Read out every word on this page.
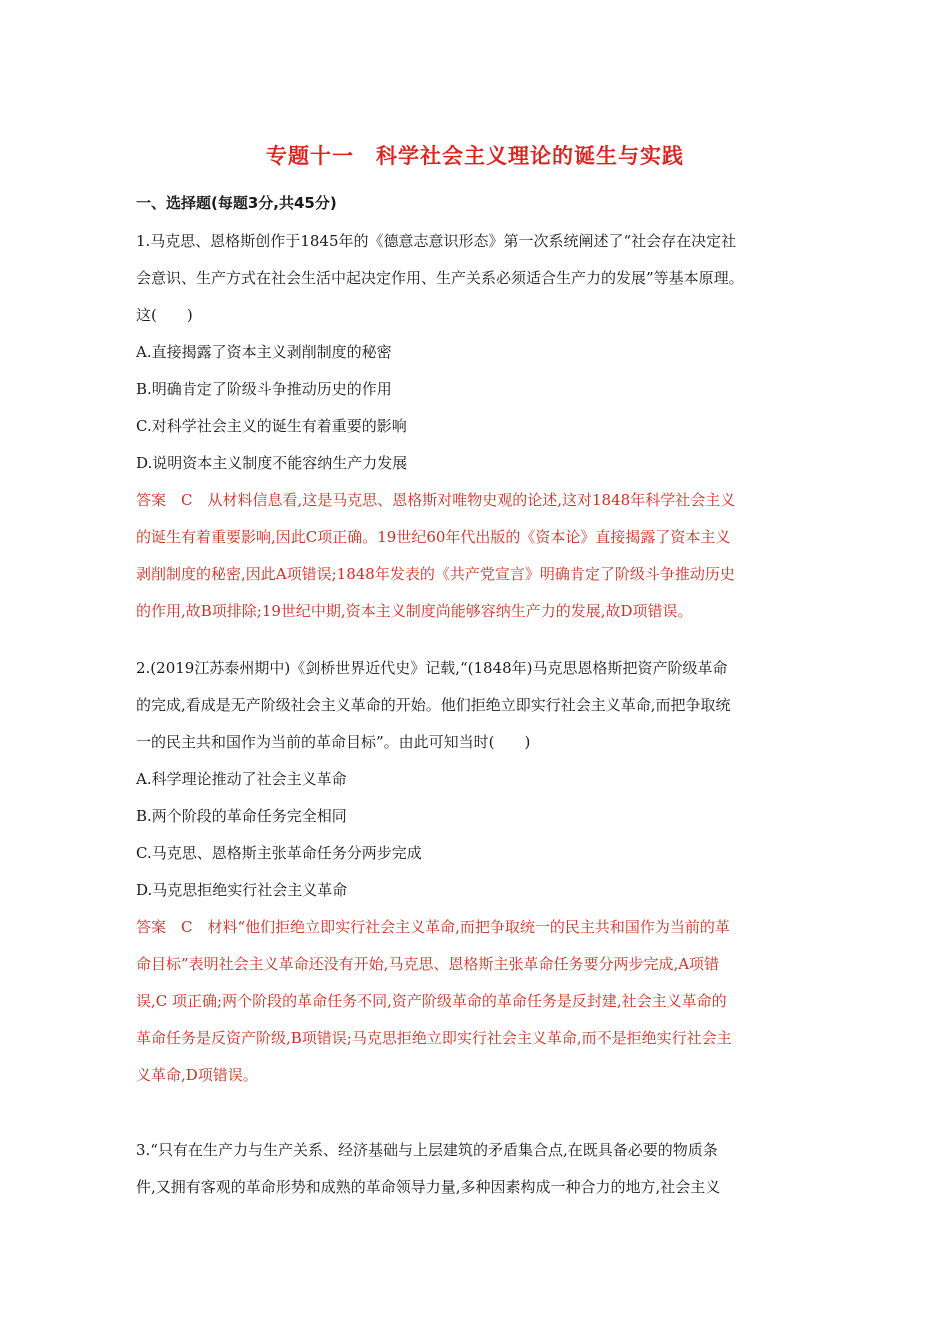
专题十一　科学社会主义理论的诞生与实践
一、选择题(每题3分,共45分)
1.马克思、恩格斯创作于1845年的《德意志意识形态》第一次系统阐述了“社会存在决定社
会意识、生产方式在社会生活中起决定作用、生产关系必须适合生产力的发展”等基本原理。
这(　　)
A.直接揭露了资本主义剥削制度的秘密
B.明确肯定了阶级斗争推动历史的作用
C.对科学社会主义的诞生有着重要的影响
D.说明资本主义制度不能容纳生产力发展
答案　C　从材料信息看,这是马克思、恩格斯对唯物史观的论述,这对1848年科学社会主义
的诞生有着重要影响,因此C项正确。19世纪60年代出版的《资本论》直接揭露了资本主义
剥削制度的秘密,因此A项错误;1848年发表的《共产党宣言》明确肯定了阶级斗争推动历史
的作用,故B项排除;19世纪中期,资本主义制度尚能够容纳生产力的发展,故D项错误。
2.(2019江苏泰州期中)《剑桥世界近代史》记载,“(1848年)马克思恩格斯把资产阶级革命
的完成,看成是无产阶级社会主义革命的开始。他们拒绝立即实行社会主义革命,而把争取统
一的民主共和国作为当前的革命目标”。由此可知当时(　　)
A.科学理论推动了社会主义革命
B.两个阶段的革命任务完全相同
C.马克思、恩格斯主张革命任务分两步完成
D.马克思拒绝实行社会主义革命
答案　C　材料“他们拒绝立即实行社会主义革命,而把争取统一的民主共和国作为当前的革
命目标”表明社会主义革命还没有开始,马克思、恩格斯主张革命任务要分两步完成,A项错
误,C 项正确;两个阶段的革命任务不同,资产阶级革命的革命任务是反封建,社会主义革命的
革命任务是反资产阶级,B项错误;马克思拒绝立即实行社会主义革命,而不是拒绝实行社会主
义革命,D项错误。
3.“只有在生产力与生产关系、经济基础与上层建筑的矛盾集合点,在既具备必要的物质条
件,又拥有客观的革命形势和成熟的革命领导力量,多种因素构成一种合力的地方,社会主义
